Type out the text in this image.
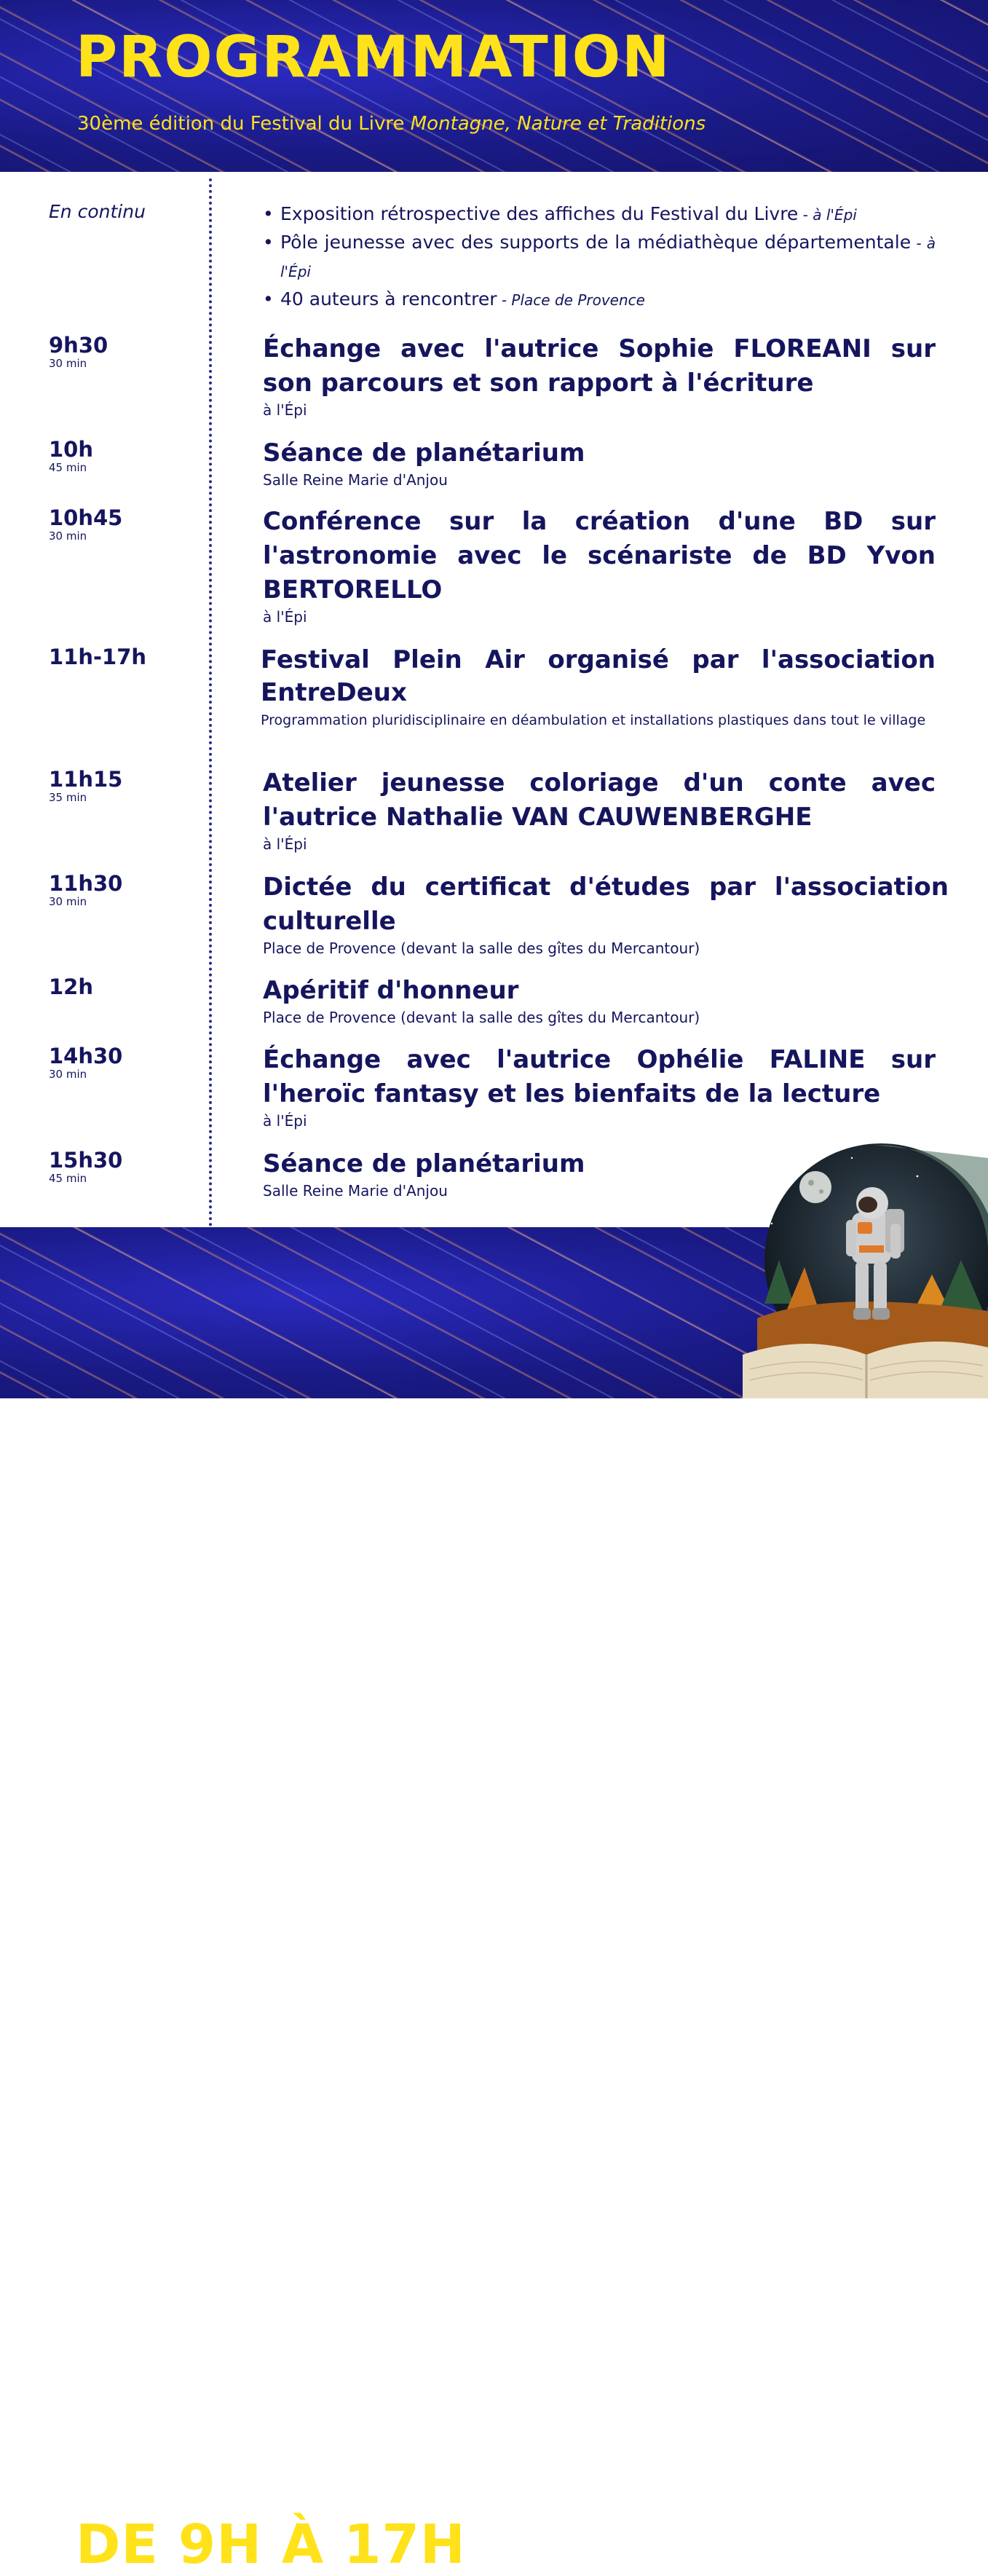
PROGRAMMATION

30ème édition du Festival du Livre Montagne, Nature et Traditions

En continu	• Exposition rétrospective des affiches du Festival du Livre - à l'Épi
• Pôle jeunesse avec des supports de la médiathèque départementale - à l'Épi
• 40 auteurs à rencontrer - Place de Provence
9h30
30 min	Échange avec l'autrice Sophie FLOREANI sur son parcours et son rapport à l'écriture

à l'Épi

10h
45 min	Séance de planétarium

Salle Reine Marie d'Anjou

10h45
30 min	Conférence sur la création d'une BD sur l'astronomie avec le scénariste de BD Yvon BERTORELLO

à l'Épi

11h-17h	Festival Plein Air organisé par l'association EntreDeux

Programmation pluridisciplinaire en déambulation et installations plastiques dans tout le village

11h15
35 min	Atelier jeunesse coloriage d'un conte avec l'autrice Nathalie VAN CAUWENBERGHE

à l'Épi

11h30
30 min	Dictée du certificat d'études par l'association culturelle

Place de Provence (devant la salle des gîtes du Mercantour)

12h	Apéritif d'honneur

Place de Provence (devant la salle des gîtes du Mercantour)

14h30
30 min	Échange avec l'autrice Ophélie FALINE sur l'heroïc fantasy et les bienfaits de la lecture

à l'Épi

15h30
45 min	Séance de planétarium

Salle Reine Marie d'Anjou

DE 9H À 17H
